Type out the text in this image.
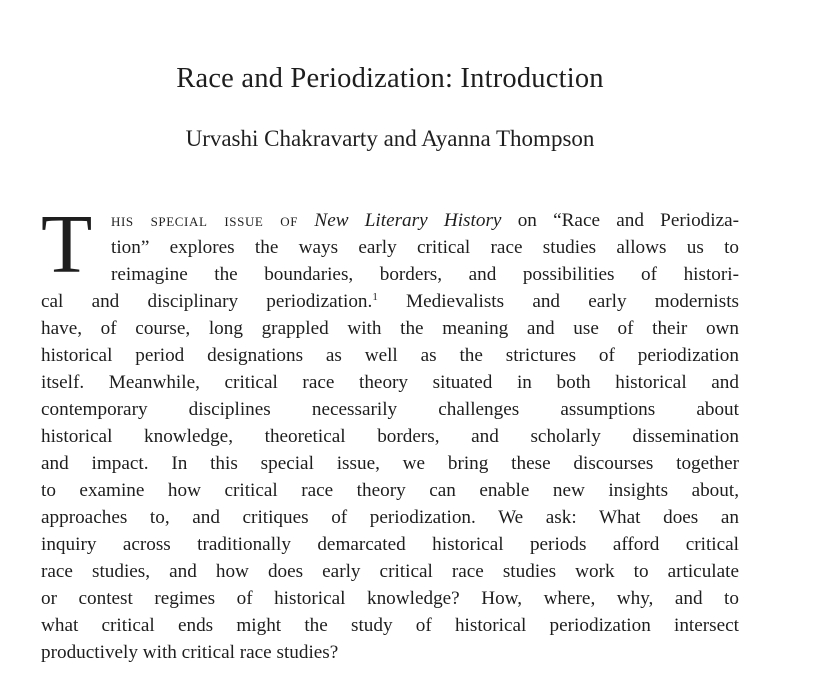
Race and Periodization: Introduction
Urvashi Chakravarty and Ayanna Thompson
T his special issue of New Literary History on “Race and Periodiza-
tion” explores the ways early critical race studies allows us to
reimagine the boundaries, borders, and possibilities of histori-
cal and disciplinary periodization.$^1$ Medievalists and early modernists
have, of course, long grappled with the meaning and use of their own
historical period designations as well as the strictures of periodization
itself. Meanwhile, critical race theory situated in both historical and
contemporary disciplines necessarily challenges assumptions about
historical knowledge, theoretical borders, and scholarly dissemination
and impact. In this special issue, we bring these discourses together
to examine how critical race theory can enable new insights about,
approaches to, and critiques of periodization. We ask: What does an
inquiry across traditionally demarcated historical periods afford critical
race studies, and how does early critical race studies work to articulate
or contest regimes of historical knowledge? How, where, why, and to
what critical ends might the study of historical periodization intersect
productively with critical race studies?
